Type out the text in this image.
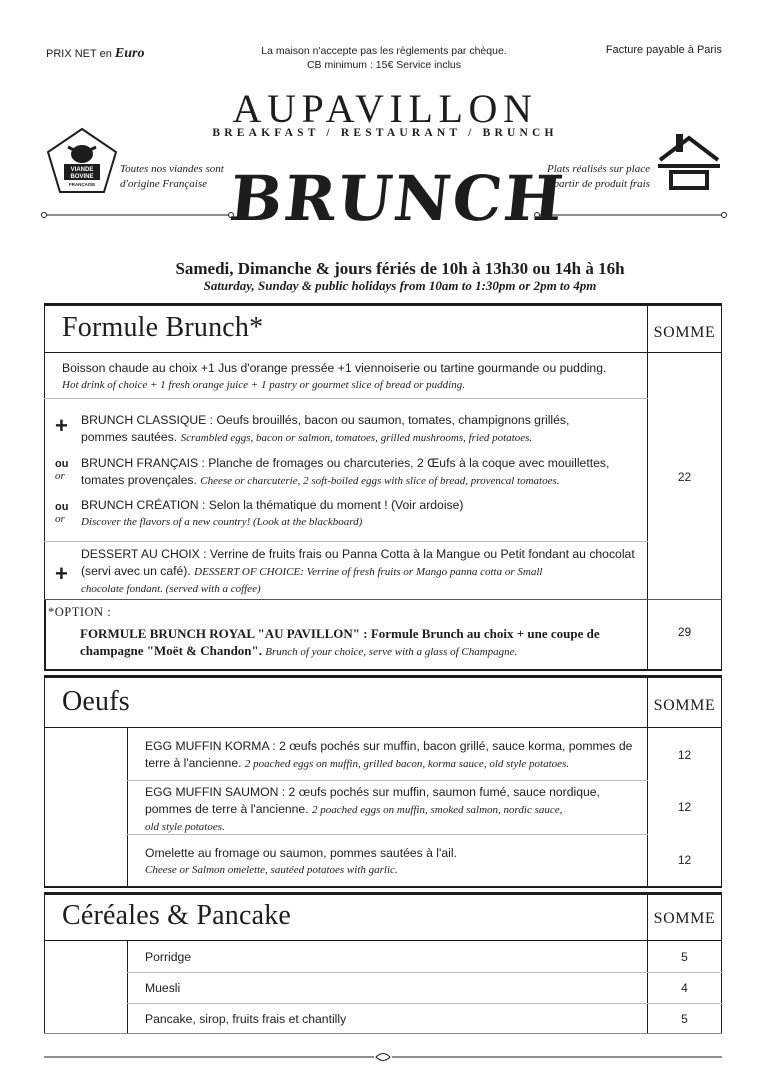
PRIX NET en Euro	La maison n'accepte pas les règlements par chèque.
CB minimum : 15€ Service inclus
Facture payable à Paris
AUPAVILLON
BREAKFAST / RESTAURANT / BRUNCH
VIANDE
BOVINE
FRANÇAISE
Toutes nos viandes sont
d'origine Française
Plats réalisés sur place
à partir de produit frais
BRUNCH
Samedi, Dimanche & jours fériés de 10h à 13h30 ou 14h à 16h
Saturday, Sunday & public holidays from 10am to 1:30pm or 2pm to 4pm
Formule Brunch*	SOMME
Boisson chaude au choix +1 Jus d'orange pressée +1 viennoiserie ou tartine gourmande ou pudding.
Hot drink of choice + 1 fresh orange juice + 1 pastry or gourmet slice of bread or pudding.
+ BRUNCH CLASSIQUE : Oeufs brouillés, bacon ou saumon, tomates, champignons grillés,
pommes sautées. Scrambled eggs, bacon or salmon, tomatoes, grilled mushrooms, fried potatoes.
ou
or
BRUNCH FRANÇAIS : Planche de fromages ou charcuteries, 2 Œufs à la coque avec mouillettes,
tomates provençales. Cheese or charcuterie, 2 soft-boiled eggs with slice of bread, provencal tomatoes.
ou
or
BRUNCH CRÉATION : Selon la thématique du moment ! (Voir ardoise)
Discover the flavors of a new country! (Look at the blackboard)
22
+
DESSERT AU CHOIX : Verrine de fruits frais ou Panna Cotta à la Mangue ou Petit fondant au chocolat
(servi avec un café). DESSERT OF CHOICE: Verrine of fresh fruits or Mango panna cotta or Small
chocolate fondant. (served with a coffee)
*OPTION :
FORMULE BRUNCH ROYAL "AU PAVILLON" : Formule Brunch au choix + une coupe de
champagne "Moët & Chandon". Brunch of your choice, serve with a glass of Champagne.
29
Oeufs	SOMME
EGG MUFFIN KORMA : 2 œufs pochés sur muffin, bacon grillé, sauce korma, pommes de
terre à l'ancienne. 2 poached eggs on muffin, grilled bacon, korma sauce, old style potatoes.
12
EGG MUFFIN SAUMON : 2 œufs pochés sur muffin, saumon fumé, sauce nordique,
pommes de terre à l'ancienne. 2 poached eggs on muffin, smoked salmon, nordic sauce,
old style potatoes.
12
Omelette au fromage ou saumon, pommes sautées à l'ail.
Cheese or Salmon omelette, sautéed potatoes with garlic.
12
Céréales & Pancake	SOMME
Porridge	5
Muesli	4
Pancake, sirop, fruits frais et chantilly	5
